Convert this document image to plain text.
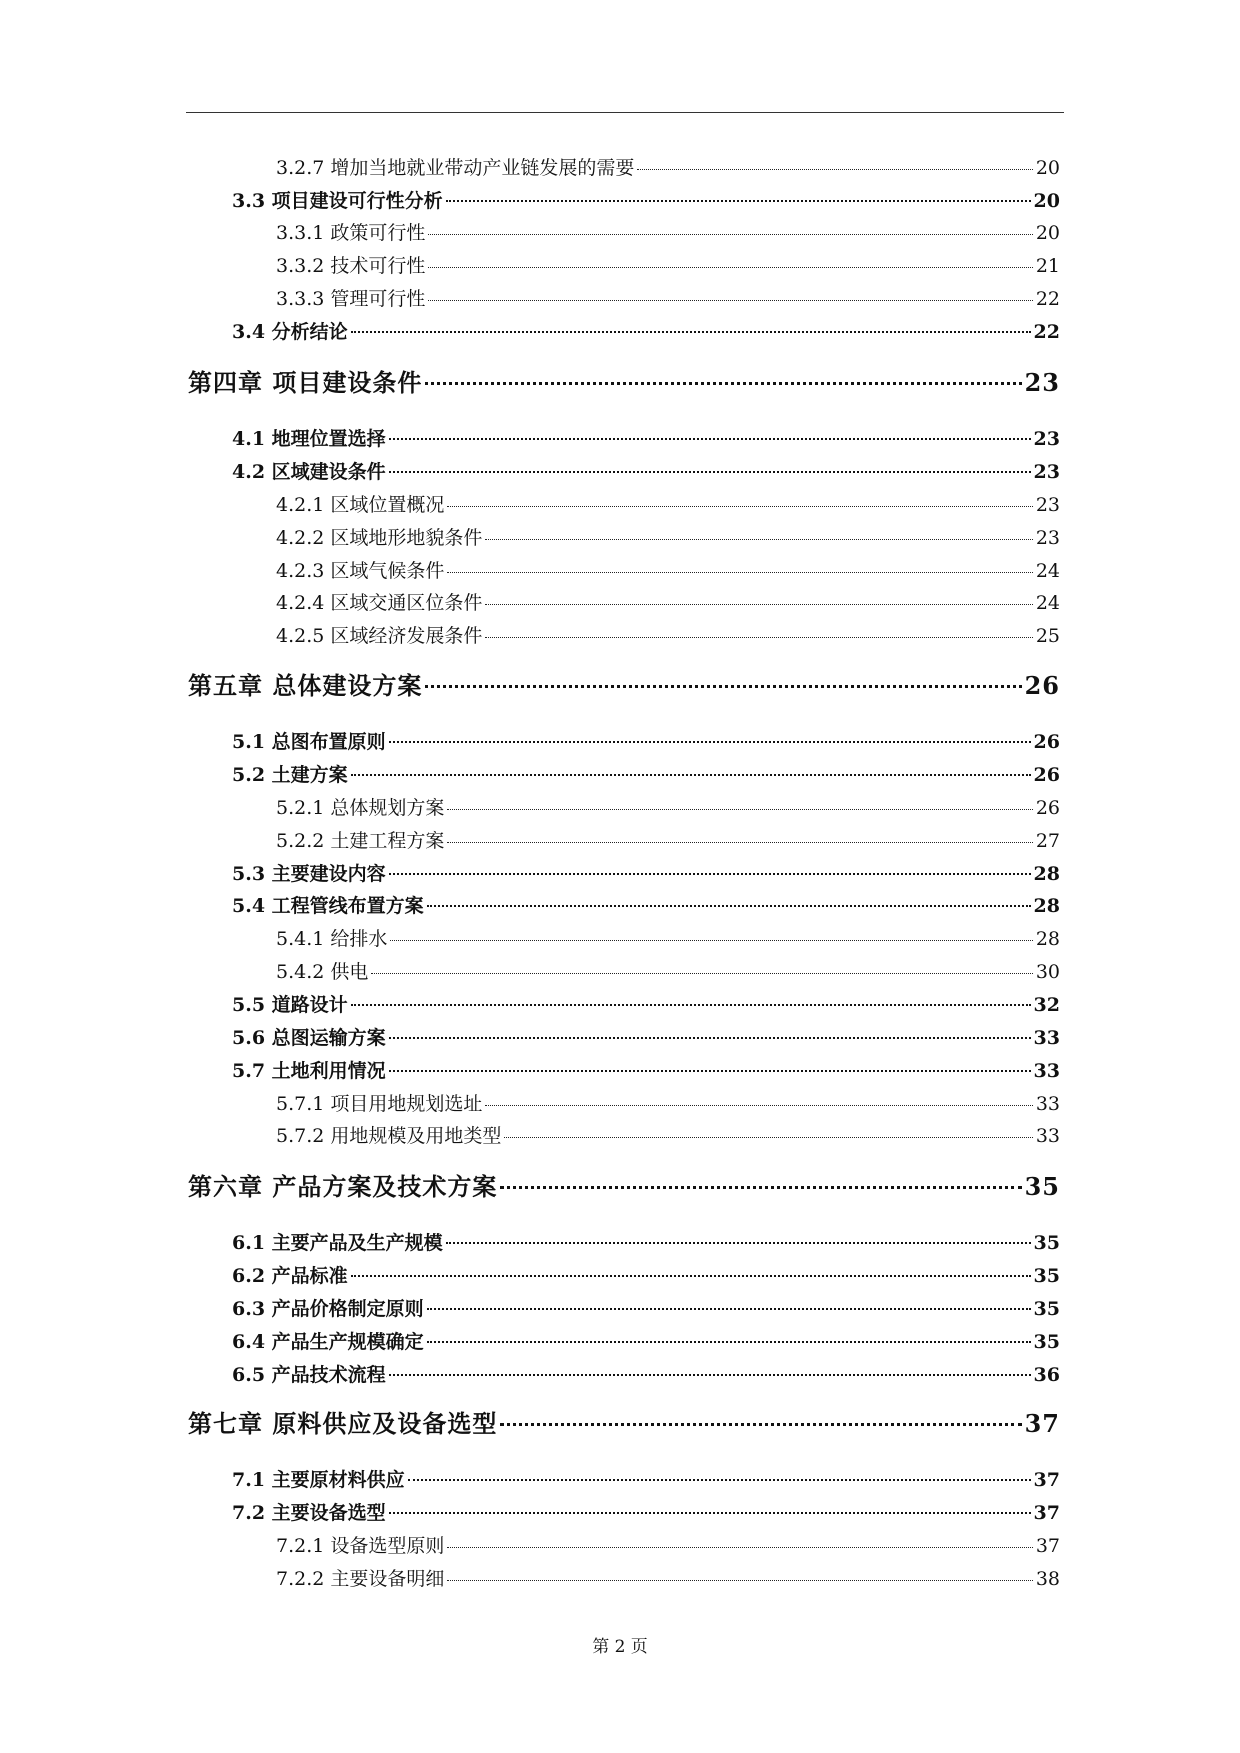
3.2.7 增加当地就业带动产业链发展的需要	20
3.3 项目建设可行性分析	20
3.3.1 政策可行性	20
3.3.2 技术可行性	21
3.3.3 管理可行性	22
3.4 分析结论	22
第四章 项目建设条件	23
4.1 地理位置选择	23
4.2 区域建设条件	23
4.2.1 区域位置概况	23
4.2.2 区域地形地貌条件	23
4.2.3 区域气候条件	24
4.2.4 区域交通区位条件	24
4.2.5 区域经济发展条件	25
第五章 总体建设方案	26
5.1 总图布置原则	26
5.2 土建方案	26
5.2.1 总体规划方案	26
5.2.2 土建工程方案	27
5.3 主要建设内容	28
5.4 工程管线布置方案	28
5.4.1 给排水	28
5.4.2 供电	30
5.5 道路设计	32
5.6 总图运输方案	33
5.7 土地利用情况	33
5.7.1 项目用地规划选址	33
5.7.2 用地规模及用地类型	33
第六章 产品方案及技术方案	35
6.1 主要产品及生产规模	35
6.2 产品标准	35
6.3 产品价格制定原则	35
6.4 产品生产规模确定	35
6.5 产品技术流程	36
第七章 原料供应及设备选型	37
7.1 主要原材料供应	37
7.2 主要设备选型	37
7.2.1 设备选型原则	37
7.2.2 主要设备明细	38
第 2 页
